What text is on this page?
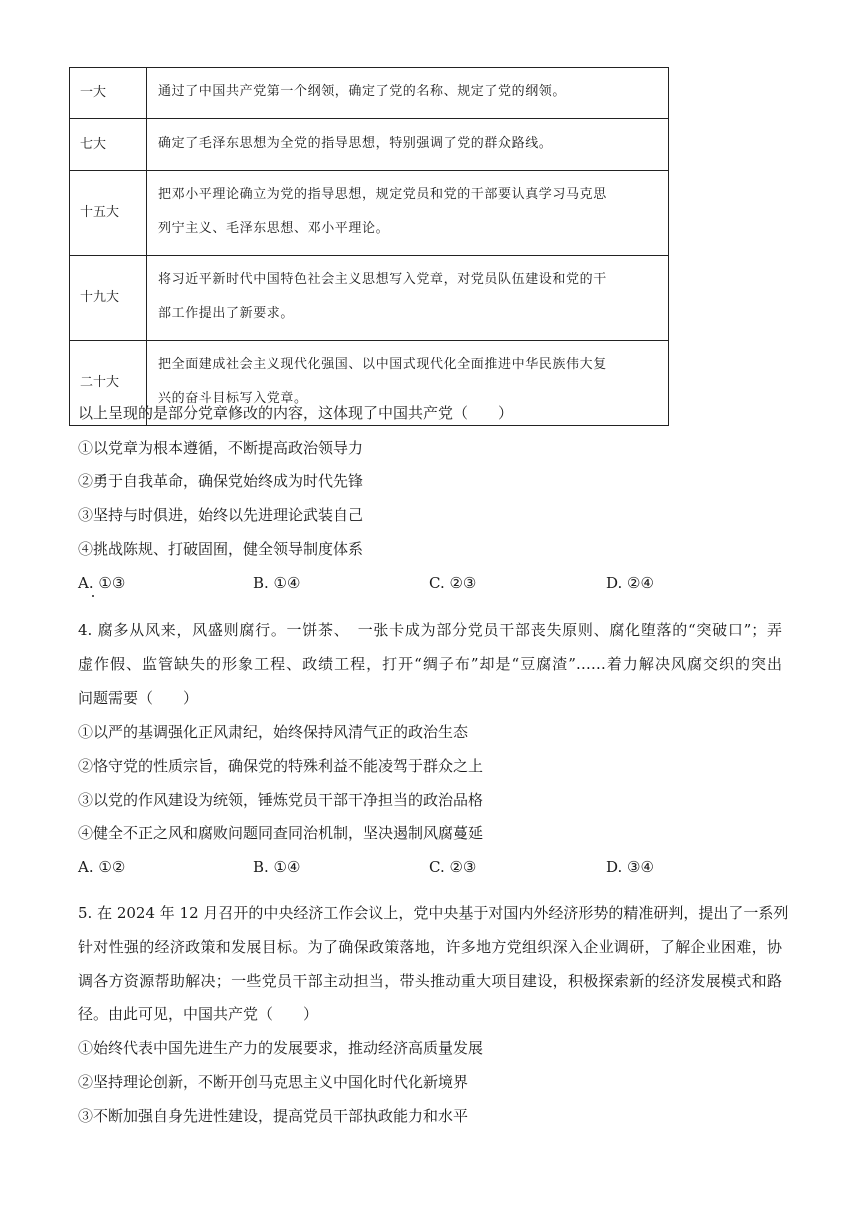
一大	通过了中国共产党第一个纲领，确定了党的名称、规定了党的纲领。

七大	确定了毛泽东思想为全党的指导思想，特别强调了党的群众路线。

十五大	把邓小平理论确立为党的指导思想，规定党员和党的干部要认真学习马克思
列宁主义、毛泽东思想、邓小平理论。

十九大	将习近平新时代中国特色社会主义思想写入党章，对党员队伍建设和党的干
部工作提出了新要求。

二十大	把全面建成社会主义现代化强国、以中国式现代化全面推进中华民族伟大复
兴的奋斗目标写入党章。
以上呈现的是部分党章修改的内容，这体现了中国共产党（　　）
①以党章为根本遵循，不断提高政治领导力
②勇于自我革命，确保党始终成为时代先锋
③坚持与时俱进，始终以先进理论武装自己
④挑战陈规、打破固囿，健全领导制度体系
A. ①③	B. ①④	C. ②③	D. ②④
4. 腐多从风来，风盛则腐行。一饼茶、　一张卡成为部分党员干部丧失原则、腐化堕落的“突破口”；弄
虚作假、监管缺失的形象工程、政绩工程，打开“绸子布”却是“豆腐渣”……着力解决风腐交织的突出
问题需要（　　）
①以严的基调强化正风肃纪，始终保持风清气正的政治生态
②恪守党的性质宗旨，确保党的特殊利益不能凌驾于群众之上
③以党的作风建设为统领，锤炼党员干部干净担当的政治品格
④健全不正之风和腐败问题同查同治机制，坚决遏制风腐蔓延
A. ①②	B. ①④	C. ②③	D. ③④
5. 在 2024 年 12 月召开的中央经济工作会议上，党中央基于对国内外经济形势的精准研判，提出了一系列
针对性强的经济政策和发展目标。为了确保政策落地，许多地方党组织深入企业调研，了解企业困难，协
调各方资源帮助解决；一些党员干部主动担当，带头推动重大项目建设，积极探索新的经济发展模式和路
径。由此可见，中国共产党（　　）
①始终代表中国先进生产力的发展要求，推动经济高质量发展
②坚持理论创新，不断开创马克思主义中国化时代化新境界
③不断加强自身先进性建设，提高党员干部执政能力和水平
